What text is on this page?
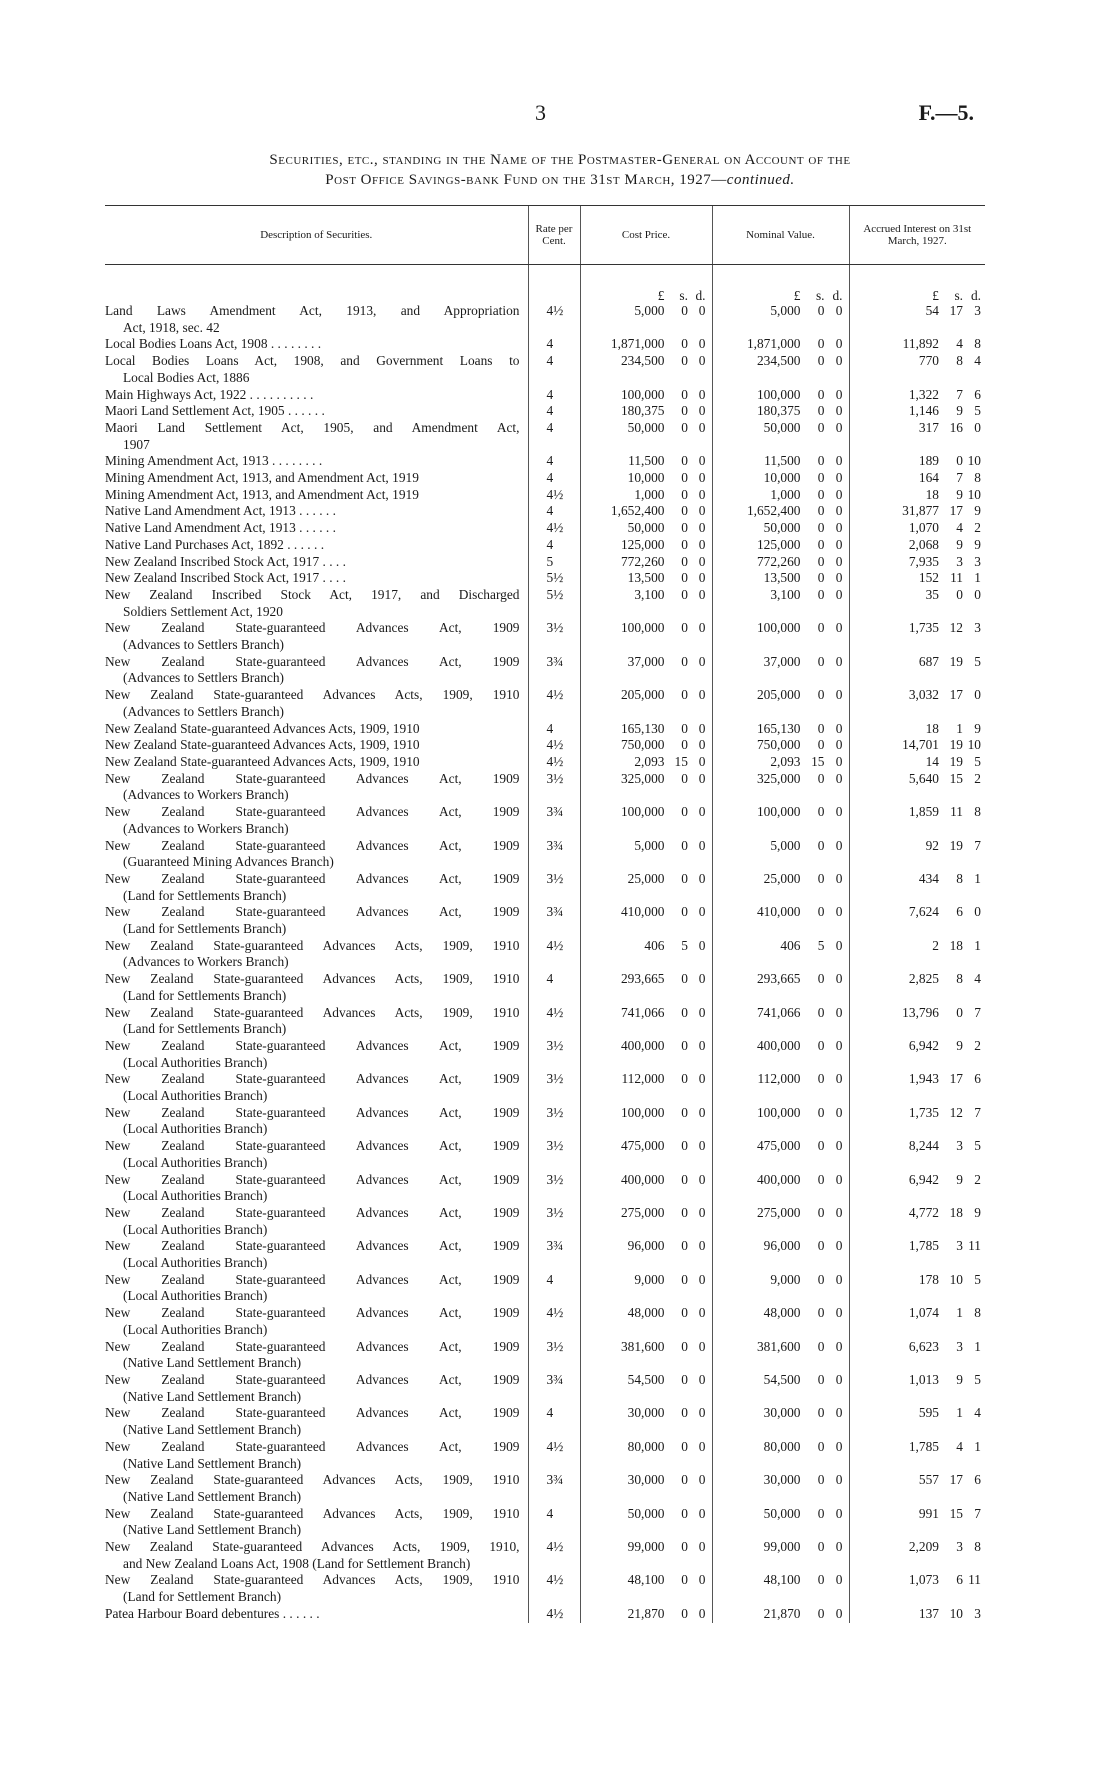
3	F.—5.
Securities, etc., standing in the Name of the Postmaster-General on Account of the
Post Office Savings-bank Fund on the 31st March, 1927—continued.
Description of Securities.	Rate per Cent.	Cost Price.	Nominal Value.	Accrued Interest on 31st March, 1927.

		£ s. d.	£ s. d.	£ s. d.

Land Laws Amendment Act, 1913, and Appropriation
Act, 1918, sec. 42	4½	5,000 0 0	5,000 0 0	54 17 3

Local Bodies Loans Act, 1908 . . . . . . . .	4	1,871,000 0 0	1,871,000 0 0	11,892 4 8

Local Bodies Loans Act, 1908, and Government Loans to
Local Bodies Act, 1886	4	234,500 0 0	234,500 0 0	770 8 4

Main Highways Act, 1922 . . . . . . . . . .	4	100,000 0 0	100,000 0 0	1,322 7 6

Maori Land Settlement Act, 1905 . . . . . .	4	180,375 0 0	180,375 0 0	1,146 9 5

Maori Land Settlement Act, 1905, and Amendment Act,
1907	4	50,000 0 0	50,000 0 0	317 16 0

Mining Amendment Act, 1913 . . . . . . . .	4	11,500 0 0	11,500 0 0	189 0 10

Mining Amendment Act, 1913, and Amendment Act, 1919	4	10,000 0 0	10,000 0 0	164 7 8

Mining Amendment Act, 1913, and Amendment Act, 1919	4½	1,000 0 0	1,000 0 0	18 9 10

Native Land Amendment Act, 1913 . . . . . .	4	1,652,400 0 0	1,652,400 0 0	31,877 17 9

Native Land Amendment Act, 1913 . . . . . .	4½	50,000 0 0	50,000 0 0	1,070 4 2

Native Land Purchases Act, 1892 . . . . . .	4	125,000 0 0	125,000 0 0	2,068 9 9

New Zealand Inscribed Stock Act, 1917 . . . .	5	772,260 0 0	772,260 0 0	7,935 3 3

New Zealand Inscribed Stock Act, 1917 . . . .	5½	13,500 0 0	13,500 0 0	152 11 1

New Zealand Inscribed Stock Act, 1917, and Discharged
Soldiers Settlement Act, 1920	5½	3,100 0 0	3,100 0 0	35 0 0

New Zealand State-guaranteed Advances Act, 1909
(Advances to Settlers Branch)	3½	100,000 0 0	100,000 0 0	1,735 12 3

New Zealand State-guaranteed Advances Act, 1909
(Advances to Settlers Branch)	3¾	37,000 0 0	37,000 0 0	687 19 5

New Zealand State-guaranteed Advances Acts, 1909, 1910
(Advances to Settlers Branch)	4½	205,000 0 0	205,000 0 0	3,032 17 0

New Zealand State-guaranteed Advances Acts, 1909, 1910	4	165,130 0 0	165,130 0 0	18 1 9

New Zealand State-guaranteed Advances Acts, 1909, 1910	4½	750,000 0 0	750,000 0 0	14,701 19 10

New Zealand State-guaranteed Advances Acts, 1909, 1910	4½	2,093 15 0	2,093 15 0	14 19 5

New Zealand State-guaranteed Advances Act, 1909
(Advances to Workers Branch)	3½	325,000 0 0	325,000 0 0	5,640 15 2

New Zealand State-guaranteed Advances Act, 1909
(Advances to Workers Branch)	3¾	100,000 0 0	100,000 0 0	1,859 11 8

New Zealand State-guaranteed Advances Act, 1909
(Guaranteed Mining Advances Branch)	3¾	5,000 0 0	5,000 0 0	92 19 7

New Zealand State-guaranteed Advances Act, 1909
(Land for Settlements Branch)	3½	25,000 0 0	25,000 0 0	434 8 1

New Zealand State-guaranteed Advances Act, 1909
(Land for Settlements Branch)	3¾	410,000 0 0	410,000 0 0	7,624 6 0

New Zealand State-guaranteed Advances Acts, 1909, 1910
(Advances to Workers Branch)	4½	406 5 0	406 5 0	2 18 1

New Zealand State-guaranteed Advances Acts, 1909, 1910
(Land for Settlements Branch)	4	293,665 0 0	293,665 0 0	2,825 8 4

New Zealand State-guaranteed Advances Acts, 1909, 1910
(Land for Settlements Branch)	4½	741,066 0 0	741,066 0 0	13,796 0 7

New Zealand State-guaranteed Advances Act, 1909
(Local Authorities Branch)	3½	400,000 0 0	400,000 0 0	6,942 9 2

New Zealand State-guaranteed Advances Act, 1909
(Local Authorities Branch)	3½	112,000 0 0	112,000 0 0	1,943 17 6

New Zealand State-guaranteed Advances Act, 1909
(Local Authorities Branch)	3½	100,000 0 0	100,000 0 0	1,735 12 7

New Zealand State-guaranteed Advances Act, 1909
(Local Authorities Branch)	3½	475,000 0 0	475,000 0 0	8,244 3 5

New Zealand State-guaranteed Advances Act, 1909
(Local Authorities Branch)	3½	400,000 0 0	400,000 0 0	6,942 9 2

New Zealand State-guaranteed Advances Act, 1909
(Local Authorities Branch)	3½	275,000 0 0	275,000 0 0	4,772 18 9

New Zealand State-guaranteed Advances Act, 1909
(Local Authorities Branch)	3¾	96,000 0 0	96,000 0 0	1,785 3 11

New Zealand State-guaranteed Advances Act, 1909
(Local Authorities Branch)	4	9,000 0 0	9,000 0 0	178 10 5

New Zealand State-guaranteed Advances Act, 1909
(Local Authorities Branch)	4½	48,000 0 0	48,000 0 0	1,074 1 8

New Zealand State-guaranteed Advances Act, 1909
(Native Land Settlement Branch)	3½	381,600 0 0	381,600 0 0	6,623 3 1

New Zealand State-guaranteed Advances Act, 1909
(Native Land Settlement Branch)	3¾	54,500 0 0	54,500 0 0	1,013 9 5

New Zealand State-guaranteed Advances Act, 1909
(Native Land Settlement Branch)	4	30,000 0 0	30,000 0 0	595 1 4

New Zealand State-guaranteed Advances Act, 1909
(Native Land Settlement Branch)	4½	80,000 0 0	80,000 0 0	1,785 4 1

New Zealand State-guaranteed Advances Acts, 1909, 1910
(Native Land Settlement Branch)	3¾	30,000 0 0	30,000 0 0	557 17 6

New Zealand State-guaranteed Advances Acts, 1909, 1910
(Native Land Settlement Branch)	4	50,000 0 0	50,000 0 0	991 15 7

New Zealand State-guaranteed Advances Acts, 1909, 1910,
and New Zealand Loans Act, 1908 (Land for Settlement Branch)	4½	99,000 0 0	99,000 0 0	2,209 3 8

New Zealand State-guaranteed Advances Acts, 1909, 1910
(Land for Settlement Branch)	4½	48,100 0 0	48,100 0 0	1,073 6 11

Patea Harbour Board debentures . . . . . .	4½	21,870 0 0	21,870 0 0	137 10 3
